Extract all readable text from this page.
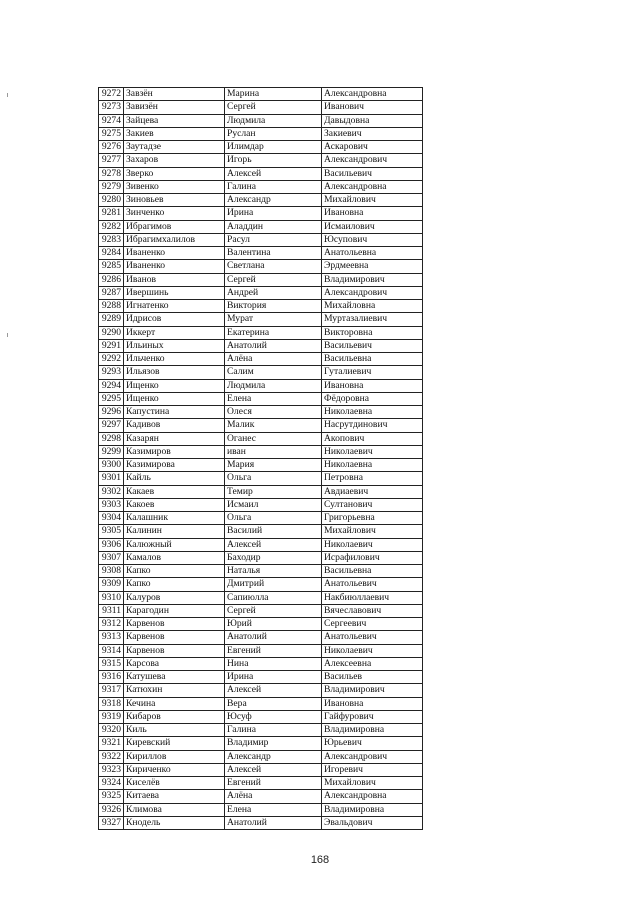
9272	Завзён	Марина	Александровна
9273	Завизён	Сергей	Иванович
9274	Зайцева	Людмила	Давыдовна
9275	Закиев	Руслан	Закиевич
9276	Заутадзе	Илимдар	Аскарович
9277	Захаров	Игорь	Александрович
9278	Зверко	Алексей	Васильевич
9279	Зивенко	Галина	Александровна
9280	Зиновьев	Александр	Михайлович
9281	Зинченко	Ирина	Ивановна
9282	Ибрагимов	Аладдин	Исмаилович
9283	Ибрагимхалилов	Расул	Юсупович
9284	Иваненко	Валентина	Анатольевна
9285	Иваненко	Светлана	Эрдмеевна
9286	Иванов	Сергей	Владимирович
9287	Ивершинь	Андрей	Александрович
9288	Игнатенко	Виктория	Михайловна
9289	Идрисов	Мурат	Муртазалиевич
9290	Иккерт	Екатерина	Викторовна
9291	Ильиных	Анатолий	Васильевич
9292	Ильченко	Алёна	Васильевна
9293	Ильязов	Салим	Гуталиевич
9294	Ищенко	Людмила	Ивановна
9295	Ищенко	Елена	Фёдоровна
9296	Капустина	Олеся	Николаевна
9297	Кадивов	Малик	Насрутдинович
9298	Казарян	Оганес	Акопович
9299	Казимиров	иван	Николаевич
9300	Казимирова	Мария	Николаевна
9301	Кайль	Ольга	Петровна
9302	Какаев	Темир	Авдиаевич
9303	Какоев	Исмаил	Султанович
9304	Калашник	Ольга	Григорьевна
9305	Калинин	Василий	Михайлович
9306	Калюжный	Алексей	Николаевич
9307	Камалов	Баходир	Исрафилович
9308	Капко	Наталья	Васильевна
9309	Капко	Дмитрий	Анатольевич
9310	Калуров	Сапиюлла	Накбиюллаевич
9311	Карагодин	Сергей	Вячеславович
9312	Карвенов	Юрий	Сергеевич
9313	Карвенов	Анатолий	Анатольевич
9314	Карвенов	Евгений	Николаевич
9315	Карсова	Нина	Алексеевна
9316	Катушева	Ирина	Васильев
9317	Катюхин	Алексей	Владимирович
9318	Кечина	Вера	Ивановна
9319	Кибаров	Юсуф	Гайфурович
9320	Киль	Галина	Владимировна
9321	Киревский	Владимир	Юрьевич
9322	Кириллов	Александр	Александрович
9323	Кириченко	Алексей	Игоревич
9324	Киселёв	Евгений	Михайлович
9325	Китаева	Алёна	Александровна
9326	Климова	Елена	Владимировна
9327	Кнодель	Анатолий	Эвальдович
168
